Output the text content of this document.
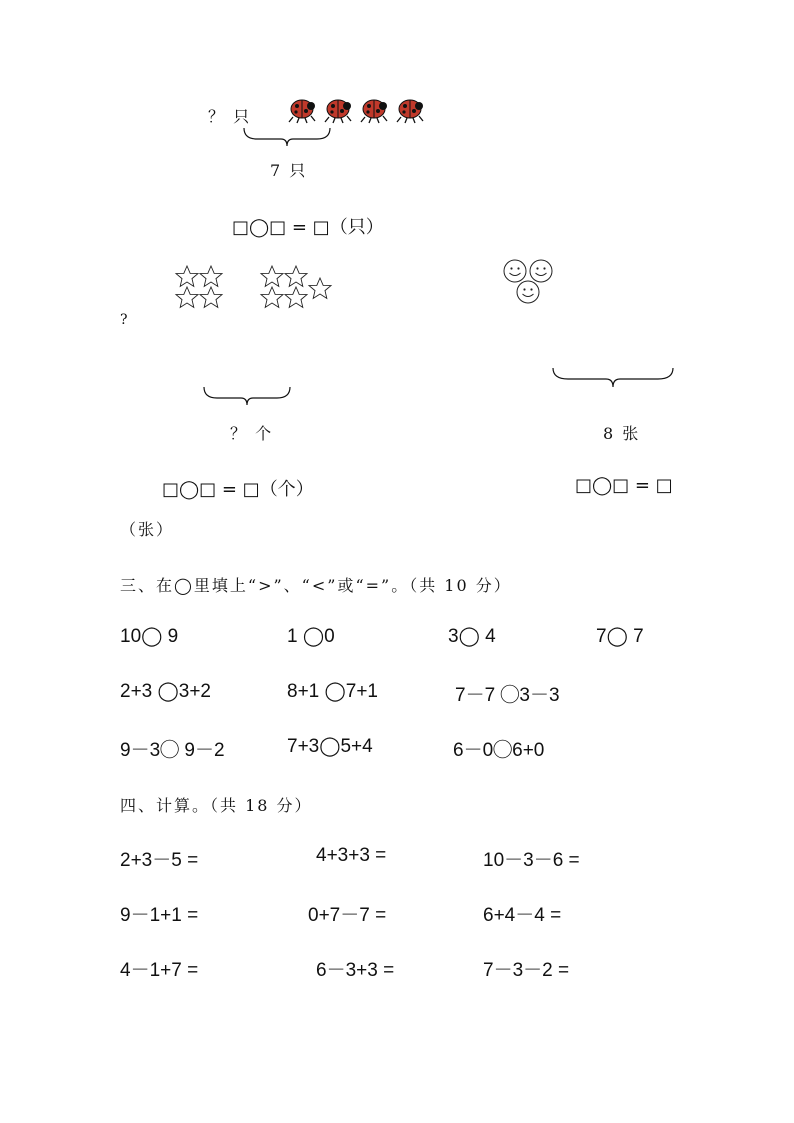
？ 只
7 只
□◯□ = □（只）
?
？ 个
□◯□ = □（个）
8 张
□◯□ = □
（张）
三、在◯里填上“>”、“<”或“=”。（共 10 分）
10◯ 9	1 ◯0	3◯ 4	7◯ 7
2+3 ◯3+2	8+1 ◯7+1	7－7 ◯3－3
9－3◯ 9－2	7+3◯5+4	6－0◯6+0
四、计算。（共 18 分）
2+3－5 =	4+3+3 =	10－3－6 =
9－1+1 =	0+7－7 =	6+4－4 =
4－1+7 =	6－3+3 =	7－3－2 =
